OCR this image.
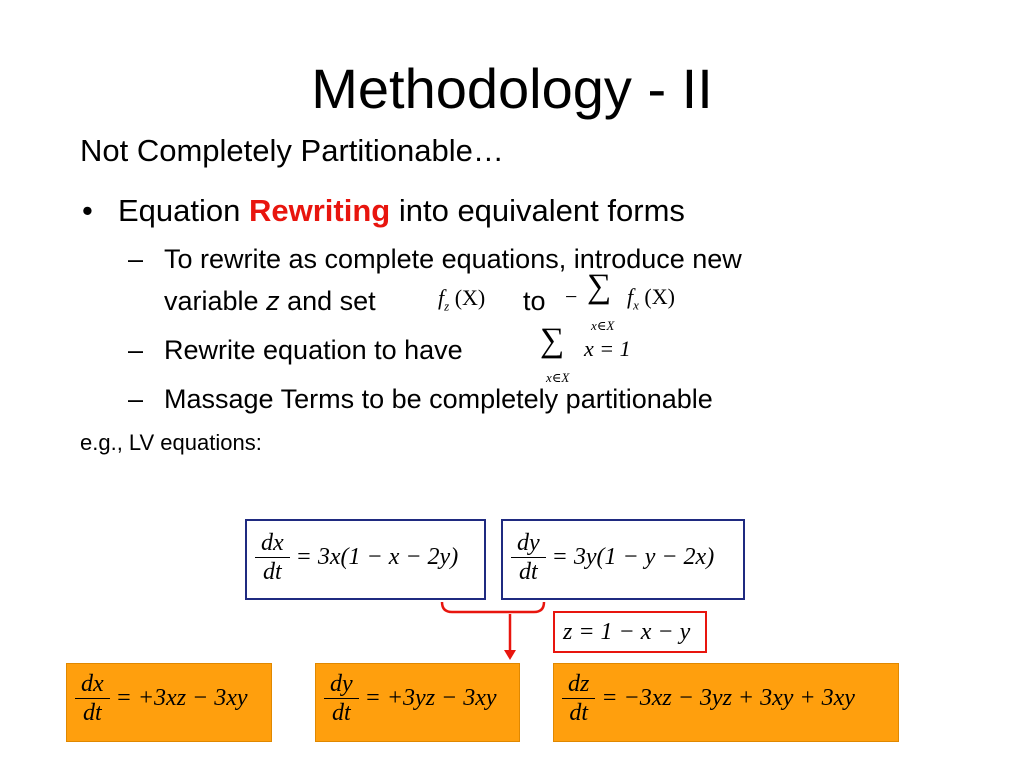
Methodology - II
Not Completely Partitionable…
• Equation Rewriting into equivalent forms
– To rewrite as complete equations, introduce new
variable z and set	$f_z$ (X) to − ∑
x∈X
$f_x$ (X)
– Rewrite equation to have ∑
x∈X
x = 1
– Massage Terms to be completely partitionable
e.g., LV equations:
$\frac{dx}{dt} = 3x(1 - x - 2y)$	$\frac{dy}{dt} = 3y(1 - y - 2x)$
z = 1 − x − y
$\frac{dx}{dt} = +3xz - 3xy$	$\frac{dy}{dt} = +3yz - 3xy$	$\frac{dz}{dt} = -3xz - 3yz + 3xy + 3xy$
